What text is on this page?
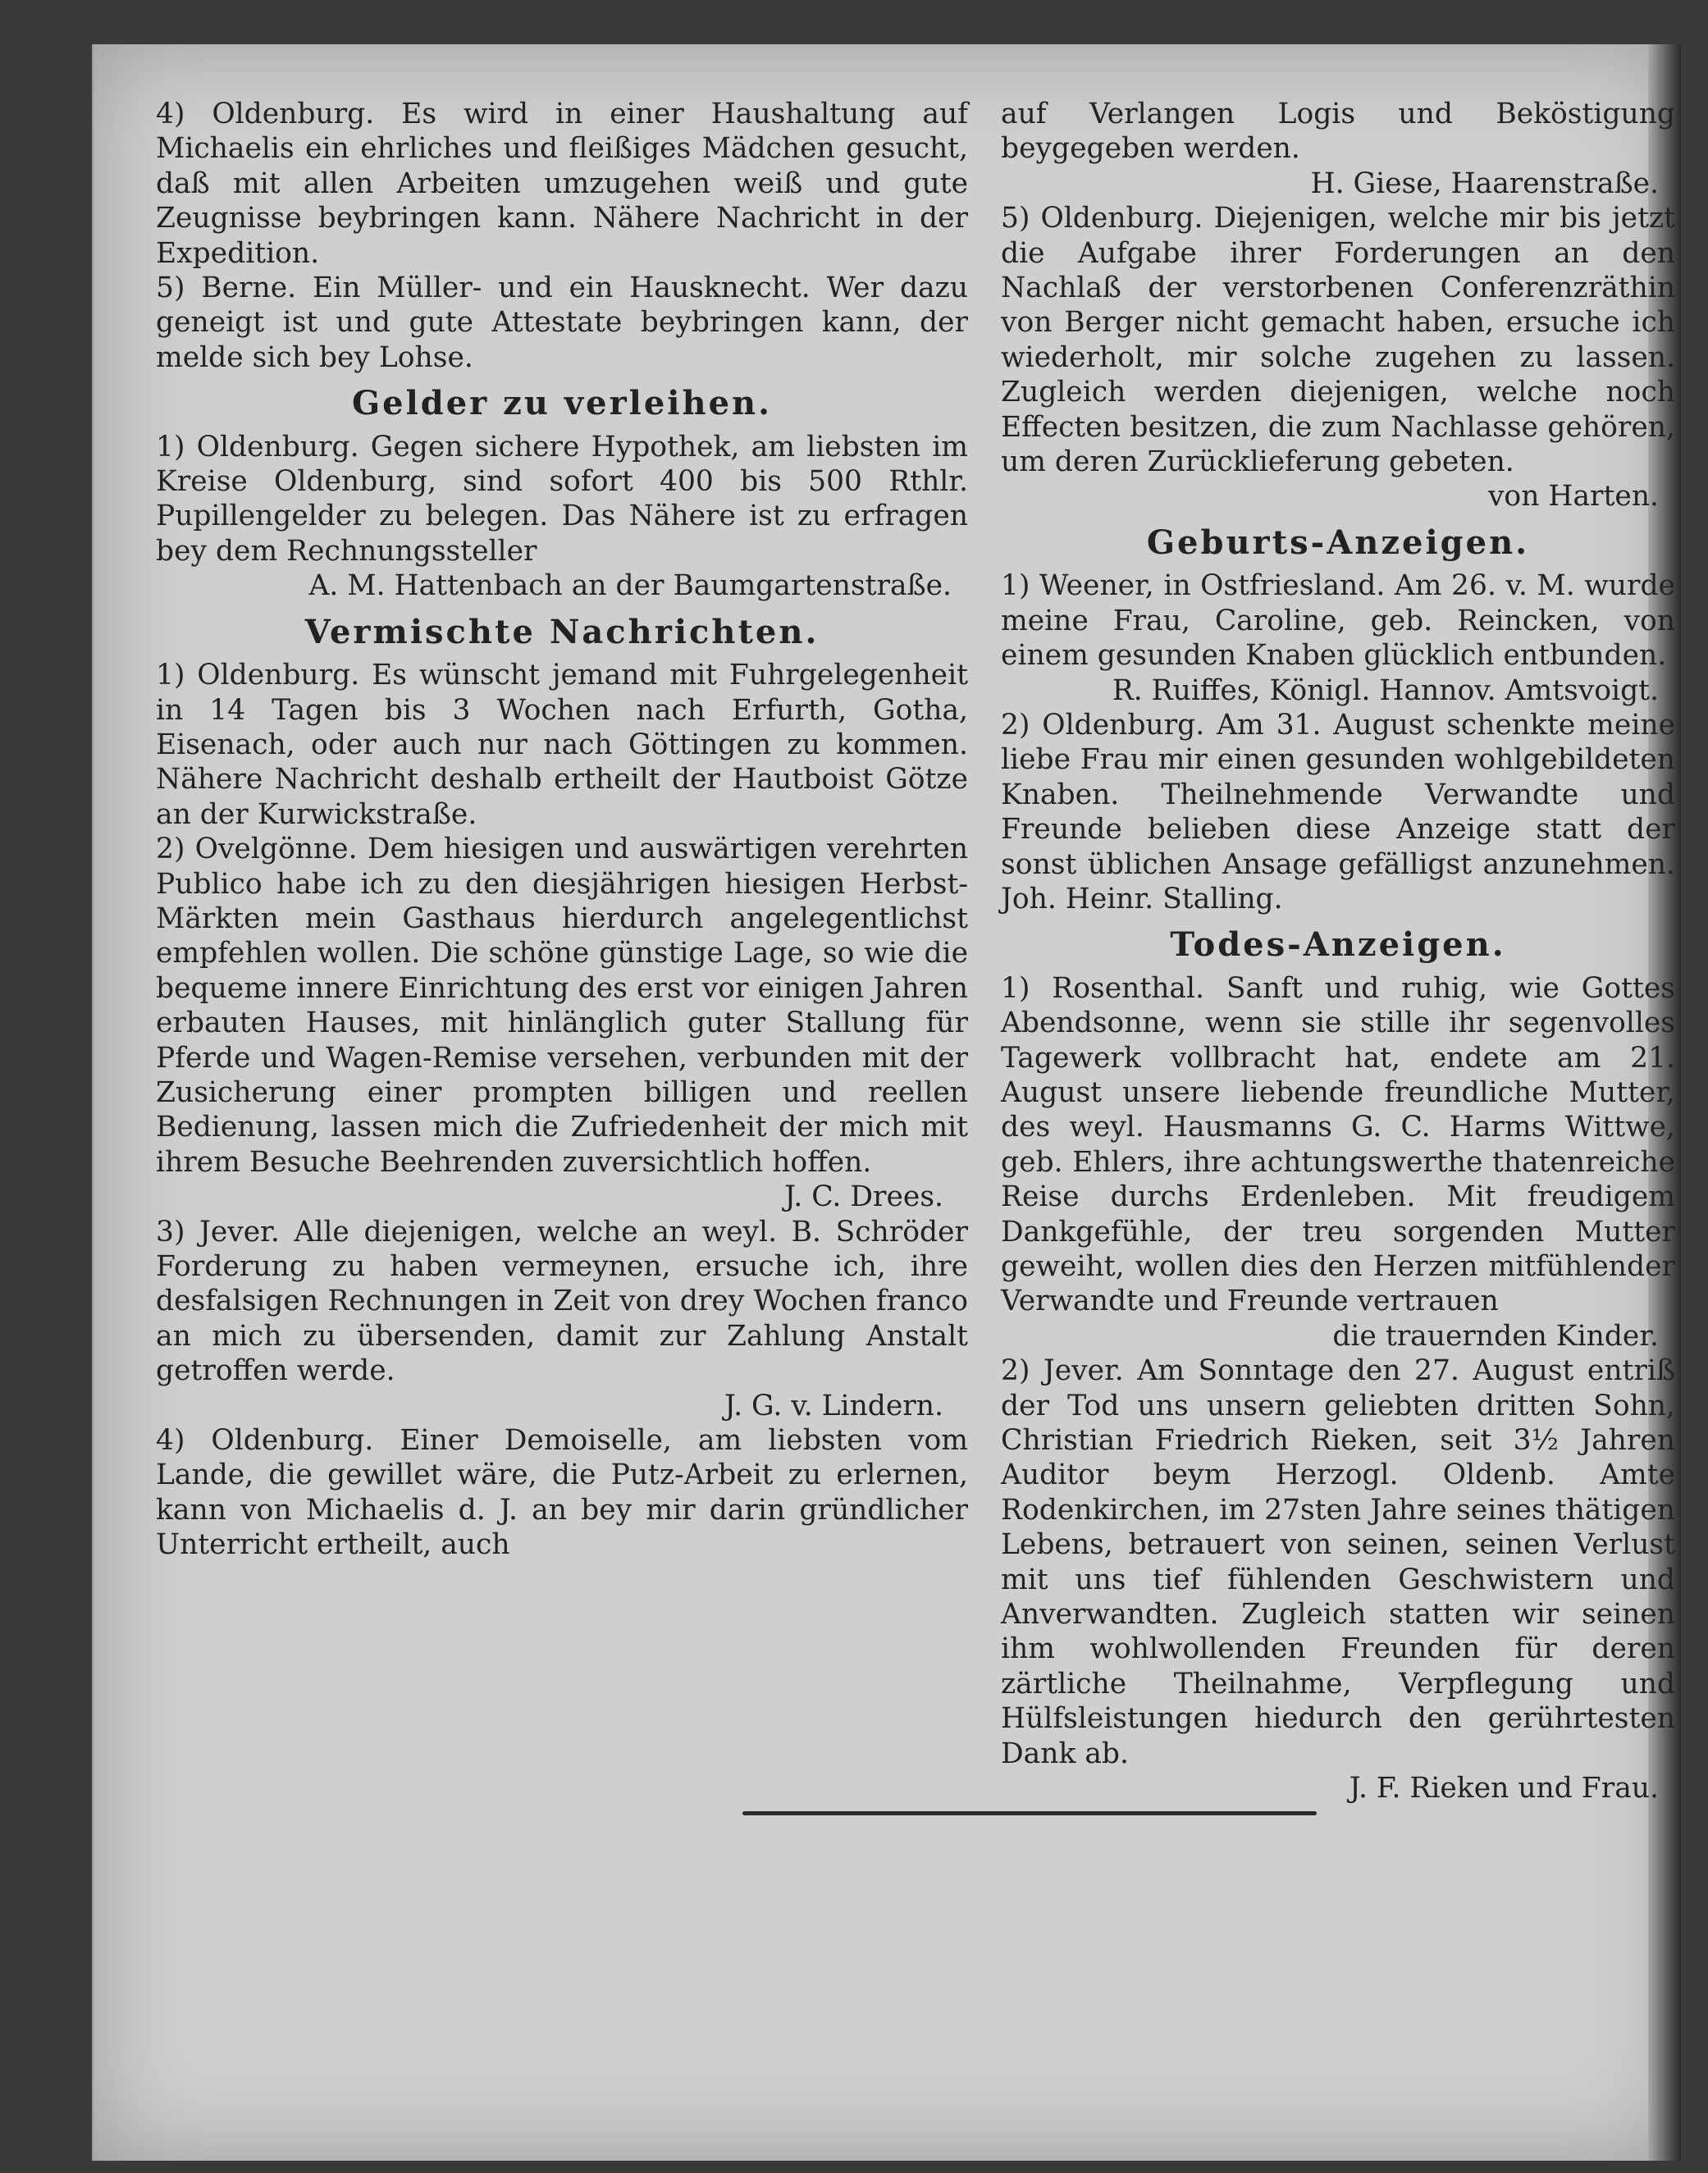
4) Oldenburg. Es wird in einer Haushaltung auf Michaelis ein ehrliches und fleißiges Mädchen gesucht, daß mit allen Arbeiten umzugehen weiß und gute Zeugnisse beybringen kann. Nähere Nachricht in der Expedition.

5) Berne. Ein Müller- und ein Hausknecht. Wer dazu geneigt ist und gute Attestate beybringen kann, der melde sich bey Lohse.

Gelder zu verleihen.

1) Oldenburg. Gegen sichere Hypothek, am liebsten im Kreise Oldenburg, sind sofort 400 bis 500 Rthlr. Pupillengelder zu belegen. Das Nähere ist zu erfragen bey dem Rechnungssteller

A. M. Hattenbach an der Baumgartenstraße.

Vermischte Nachrichten.

1) Oldenburg. Es wünscht jemand mit Fuhrgelegenheit in 14 Tagen bis 3 Wochen nach Erfurth, Gotha, Eisenach, oder auch nur nach Göttingen zu kommen. Nähere Nachricht deshalb ertheilt der Hautboist Götze an der Kurwickstraße.

2) Ovelgönne. Dem hiesigen und auswärtigen verehrten Publico habe ich zu den diesjährigen hiesigen Herbst-Märkten mein Gasthaus hierdurch angelegentlichst empfehlen wollen. Die schöne günstige Lage, so wie die bequeme innere Einrichtung des erst vor einigen Jahren erbauten Hauses, mit hinlänglich guter Stallung für Pferde und Wagen-Remise versehen, verbunden mit der Zusicherung einer prompten billigen und reellen Bedienung, lassen mich die Zufriedenheit der mich mit ihrem Besuche Beehrenden zuversichtlich hoffen.

J. C. Drees.

3) Jever. Alle diejenigen, welche an weyl. B. Schröder Forderung zu haben vermeynen, ersuche ich, ihre desfalsigen Rechnungen in Zeit von drey Wochen franco an mich zu übersenden, damit zur Zahlung Anstalt getroffen werde.

J. G. v. Lindern.

4) Oldenburg. Einer Demoiselle, am liebsten vom Lande, die gewillet wäre, die Putz-Arbeit zu erlernen, kann von Michaelis d. J. an bey mir darin gründlicher Unterricht ertheilt, auch

auf Verlangen Logis und Beköstigung beygegeben werden.

H. Giese, Haarenstraße.

5) Oldenburg. Diejenigen, welche mir bis jetzt die Aufgabe ihrer Forderungen an den Nachlaß der verstorbenen Conferenzräthin von Berger nicht gemacht haben, ersuche ich wiederholt, mir solche zugehen zu lassen. Zugleich werden diejenigen, welche noch Effecten besitzen, die zum Nachlasse gehören, um deren Zurücklieferung gebeten.

von Harten.

Geburts-Anzeigen.

1) Weener, in Ostfriesland. Am 26. v. M. wurde meine Frau, Caroline, geb. Reincken, von einem gesunden Knaben glücklich entbunden.

R. Ruiffes, Königl. Hannov. Amtsvoigt.

2) Oldenburg. Am 31. August schenkte meine liebe Frau mir einen gesunden wohlgebildeten Knaben. Theilnehmende Verwandte und Freunde belieben diese Anzeige statt der sonst üblichen Ansage gefälligst anzunehmen. Joh. Heinr. Stalling.

Todes-Anzeigen.

1) Rosenthal. Sanft und ruhig, wie Gottes Abendsonne, wenn sie stille ihr segenvolles Tagewerk vollbracht hat, endete am 21. August unsere liebende freundliche Mutter, des weyl. Hausmanns G. C. Harms Wittwe, geb. Ehlers, ihre achtungswerthe thatenreiche Reise durchs Erdenleben. Mit freudigem Dankgefühle, der treu sorgenden Mutter geweiht, wollen dies den Herzen mitfühlender Verwandte und Freunde vertrauen

die trauernden Kinder.

2) Jever. Am Sonntage den 27. August entriß der Tod uns unsern geliebten dritten Sohn, Christian Friedrich Rieken, seit 3½ Jahren Auditor beym Herzogl. Oldenb. Amte Rodenkirchen, im 27sten Jahre seines thätigen Lebens, betrauert von seinen, seinen Verlust mit uns tief fühlenden Geschwistern und Anverwandten. Zugleich statten wir seinen ihm wohlwollenden Freunden für deren zärtliche Theilnahme, Verpflegung und Hülfsleistungen hiedurch den gerührtesten Dank ab.

J. F. Rieken und Frau.
